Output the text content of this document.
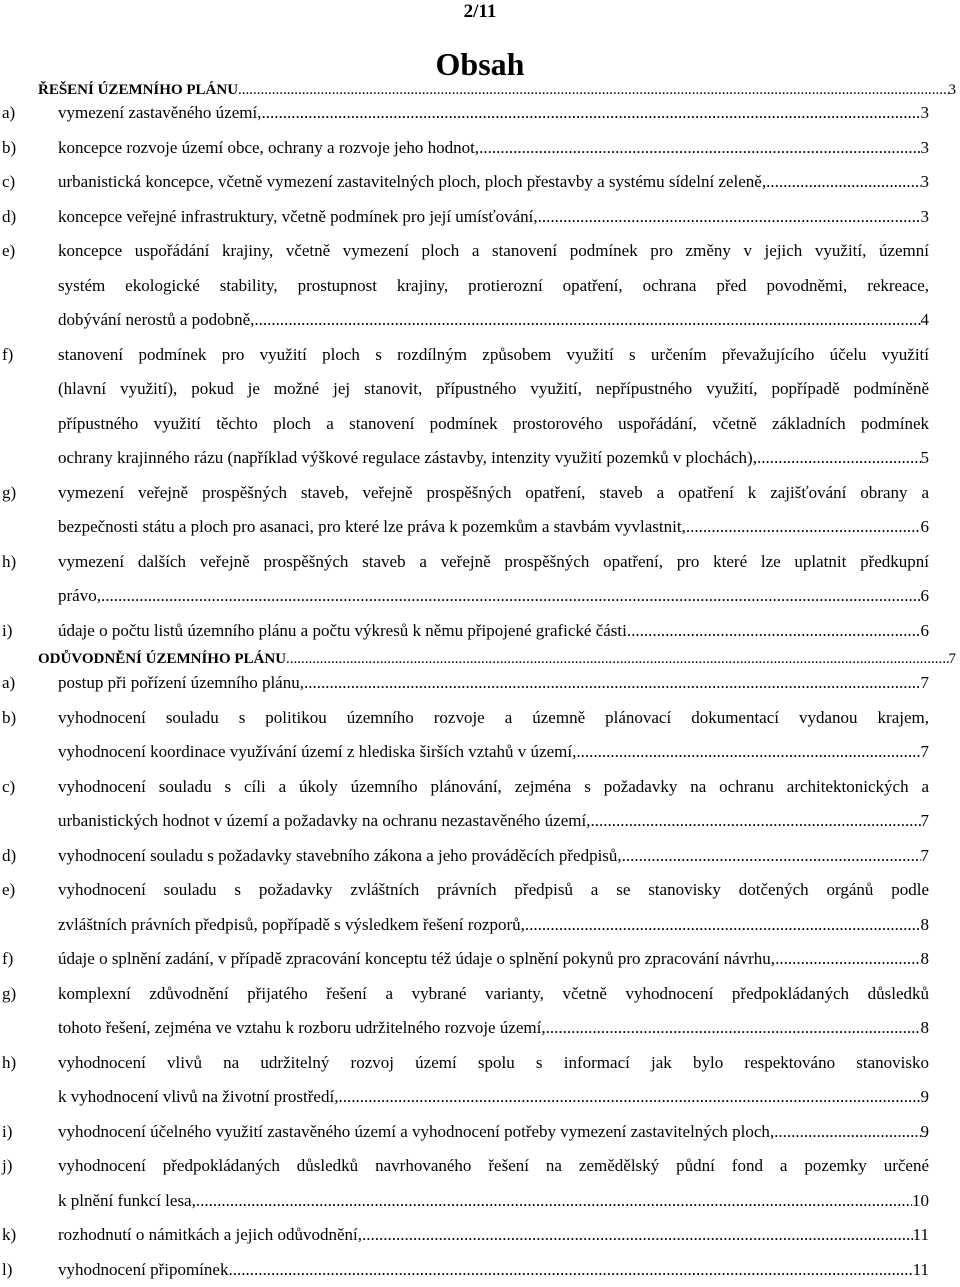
2/11
Obsah
ŘEŠENÍ ÚZEMNÍHO PLÁNU .....	3
a)	vymezení zastavěného území, .....	3
b) koncepce rozvoje území obce, ochrany a rozvoje jeho hodnot, .....	3
c)	urbanistická koncepce, včetně vymezení zastavitelných ploch, ploch přestavby a systému sídelní zeleně, .....	3
d) koncepce veřejné infrastruktury, včetně podmínek pro její umísťování, .....	3
e)	koncepce uspořádání krajiny, včetně vymezení ploch a stanovení podmínek pro změny v jejich využití, územní
systém ekologické stability, prostupnost krajiny, protierozní opatření, ochrana před povodněmi, rekreace,
dobývání nerostů a podobně, .....	4
f)	stanovení podmínek pro využití ploch s rozdílným způsobem využití s určením převažujícího účelu využití
(hlavní využití), pokud je možné jej stanovit, přípustného využití, nepřípustného využití, popřípadě podmíněně
přípustného využití těchto ploch a stanovení podmínek prostorového uspořádání, včetně základních podmínek
ochrany krajinného rázu (například výškové regulace zástavby, intenzity využití pozemků v plochách), .....	5
g) vymezení veřejně prospěšných staveb, veřejně prospěšných opatření, staveb a opatření k zajišťování obrany a
bezpečnosti státu a ploch pro asanaci, pro které lze práva k pozemkům a stavbám vyvlastnit, .....	6
h) vymezení dalších veřejně prospěšných staveb a veřejně prospěšných opatření, pro které lze uplatnit předkupní
právo, .....	6
i)	údaje o počtu listů územního plánu a počtu výkresů k němu připojené grafické části. .....	6
ODŮVODNĚNÍ ÚZEMNÍHO PLÁNU .....	7
a)	postup při pořízení územního plánu, .....	7
b) vyhodnocení souladu s politikou územního rozvoje a územně plánovací dokumentací vydanou krajem,
vyhodnocení koordinace využívání území z hlediska širších vztahů v území, .....	7
c)	vyhodnocení souladu s cíli a úkoly územního plánování, zejména s požadavky na ochranu architektonických a
urbanistických hodnot v území a požadavky na ochranu nezastavěného území, .....	7
d) vyhodnocení souladu s požadavky stavebního zákona a jeho prováděcích předpisů, .....	7
e)	vyhodnocení souladu s požadavky zvláštních právních předpisů a se stanovisky dotčených orgánů podle
zvláštních právních předpisů, popřípadě s výsledkem řešení rozporů, .....	8
f)	údaje o splnění zadání, v případě zpracování konceptu též údaje o splnění pokynů pro zpracování návrhu, .....	8
g) komplexní zdůvodnění přijatého řešení a vybrané varianty, včetně vyhodnocení předpokládaných důsledků
tohoto řešení, zejména ve vztahu k rozboru udržitelného rozvoje území, .....	8
h) vyhodnocení vlivů na udržitelný rozvoj území spolu s informací jak bylo respektováno stanovisko
k vyhodnocení vlivů na životní prostředí, .....	9
i)	vyhodnocení účelného využití zastavěného území a vyhodnocení potřeby vymezení zastavitelných ploch, .....	9
j)	vyhodnocení předpokládaných důsledků navrhovaného řešení na zemědělský půdní fond a pozemky určené
k plnění funkcí lesa, .....	10
k) rozhodnutí o námitkách a jejich odůvodnění, .....	11
l)	vyhodnocení připomínek. .....	11
